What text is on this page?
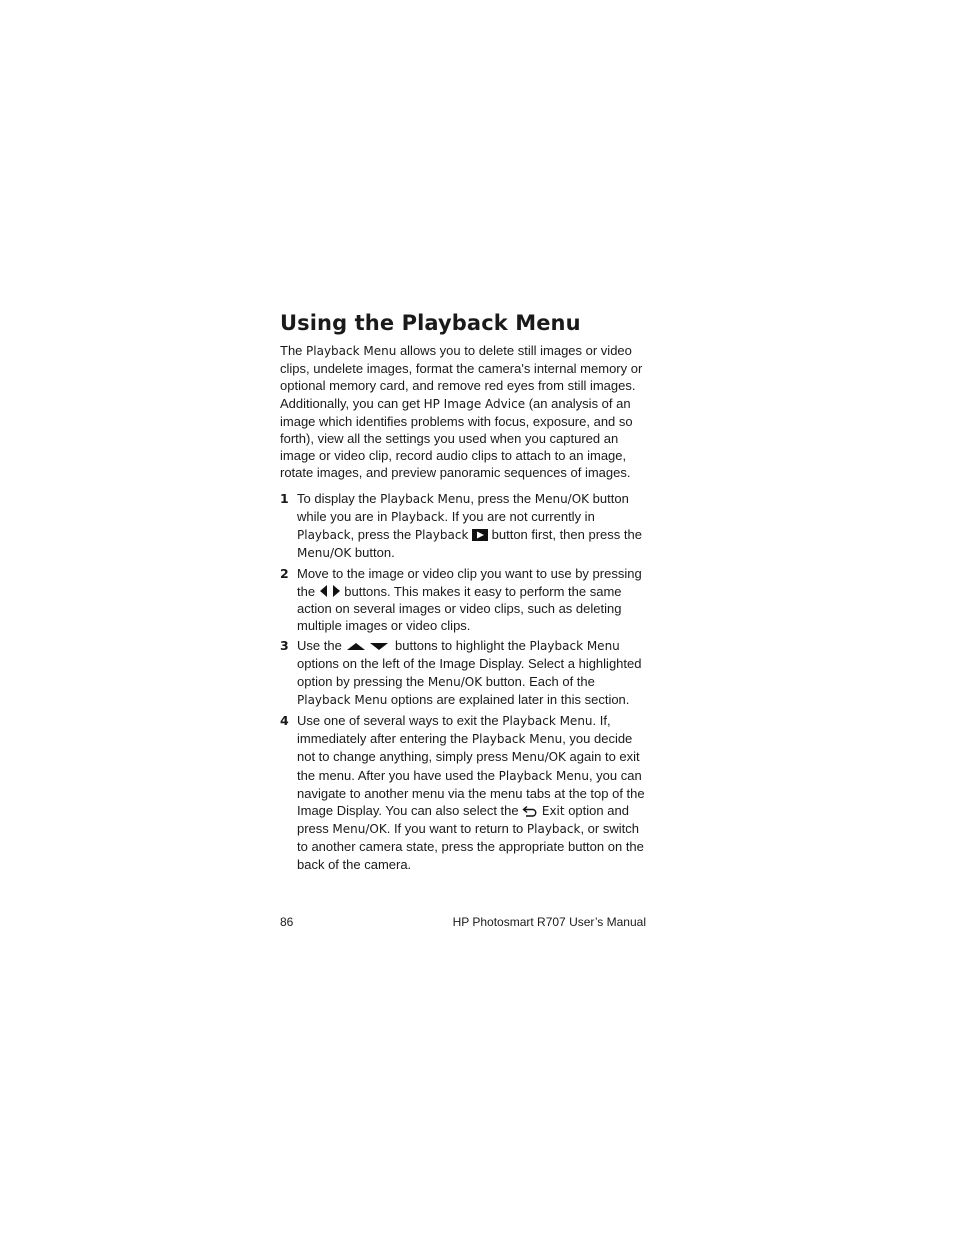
Using the Playback Menu

The Playback Menu allows you to delete still images or video clips, undelete images, format the camera's internal memory or optional memory card, and remove red eyes from still images. Additionally, you can get HP Image Advice (an analysis of an image which identifies problems with focus, exposure, and so forth), view all the settings you used when you captured an image or video clip, record audio clips to attach to an image, rotate images, and preview panoramic sequences of images.

1 To display the Playback Menu, press the Menu/OK button while you are in Playback. If you are not currently in Playback, press the Playback  button first, then press the Menu/OK button.
2 Move to the image or video clip you want to use by pressing the  buttons. This makes it easy to perform the same action on several images or video clips, such as deleting multiple images or video clips.
3 Use the	buttons to highlight the Playback Menu options on the left of the Image Display. Select a highlighted option by pressing the Menu/OK button. Each of the Playback Menu options are explained later in this section.
4 Use one of several ways to exit the Playback Menu. If, immediately after entering the Playback Menu, you decide not to change anything, simply press Menu/OK again to exit the menu. After you have used the Playback Menu, you can navigate to another menu via the menu tabs at the top of the Image Display. You can also select the  Exit option and press Menu/OK. If you want to return to Playback, or switch to another camera state, press the appropriate button on the back of the camera.
86	HP Photosmart R707 User’s Manual
